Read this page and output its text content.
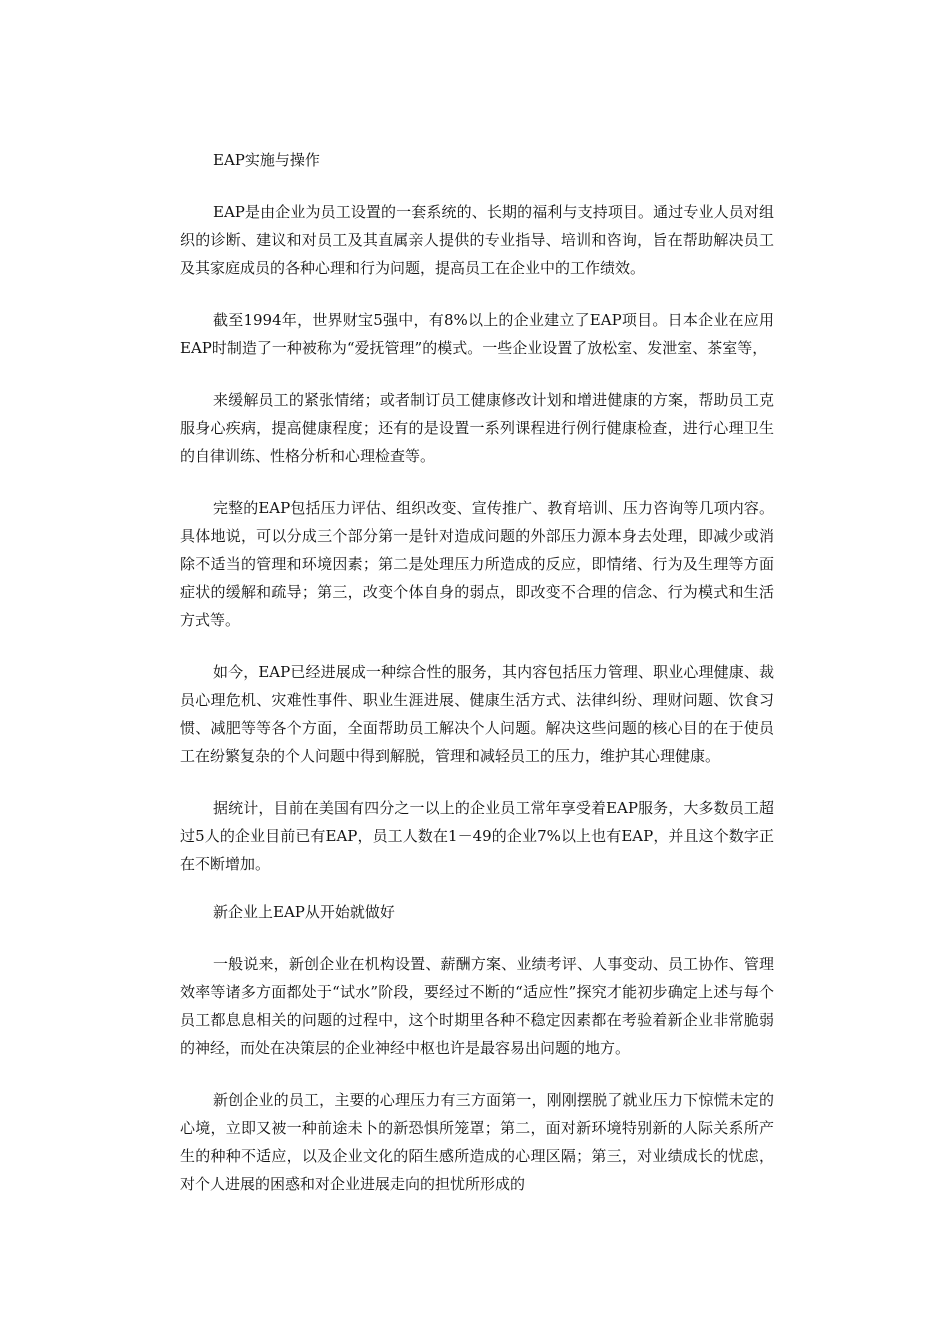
EAP实施与操作

EAP是由企业为员工设置的一套系统的、长期的福利与支持项目。通过专业人员对组织的诊断、建议和对员工及其直属亲人提供的专业指导、培训和咨询，旨在帮助解决员工及其家庭成员的各种心理和行为问题，提高员工在企业中的工作绩效。

截至1994年，世界财宝5强中，有8%以上的企业建立了EAP项目。日本企业在应用EAP时制造了一种被称为“爱抚管理”的模式。一些企业设置了放松室、发泄室、茶室等，

来缓解员工的紧张情绪；或者制订员工健康修改计划和增进健康的方案，帮助员工克服身心疾病，提高健康程度；还有的是设置一系列课程进行例行健康检查，进行心理卫生的自律训练、性格分析和心理检查等。

完整的EAP包括压力评估、组织改变、宣传推广、教育培训、压力咨询等几项内容。具体地说，可以分成三个部分第一是针对造成问题的外部压力源本身去处理，即减少或消除不适当的管理和环境因素；第二是处理压力所造成的反应，即情绪、行为及生理等方面症状的缓解和疏导；第三，改变个体自身的弱点，即改变不合理的信念、行为模式和生活方式等。

如今，EAP已经进展成一种综合性的服务，其内容包括压力管理、职业心理健康、裁员心理危机、灾难性事件、职业生涯进展、健康生活方式、法律纠纷、理财问题、饮食习惯、减肥等等各个方面，全面帮助员工解决个人问题。解决这些问题的核心目的在于使员工在纷繁复杂的个人问题中得到解脱，管理和减轻员工的压力，维护其心理健康。

据统计，目前在美国有四分之一以上的企业员工常年享受着EAP服务，大多数员工超过5人的企业目前已有EAP，员工人数在1－49的企业7%以上也有EAP，并且这个数字正在不断增加。

新企业上EAP从开始就做好

一般说来，新创企业在机构设置、薪酬方案、业绩考评、人事变动、员工协作、管理效率等诸多方面都处于“试水”阶段，要经过不断的“适应性”探究才能初步确定上述与每个员工都息息相关的问题的过程中，这个时期里各种不稳定因素都在考验着新企业非常脆弱的神经，而处在决策层的企业神经中枢也许是最容易出问题的地方。

新创企业的员工，主要的心理压力有三方面第一，刚刚摆脱了就业压力下惊慌未定的心境，立即又被一种前途未卜的新恐惧所笼罩；第二，面对新环境特别新的人际关系所产生的种种不适应，以及企业文化的陌生感所造成的心理区隔；第三，对业绩成长的忧虑，对个人进展的困惑和对企业进展走向的担忧所形成的
